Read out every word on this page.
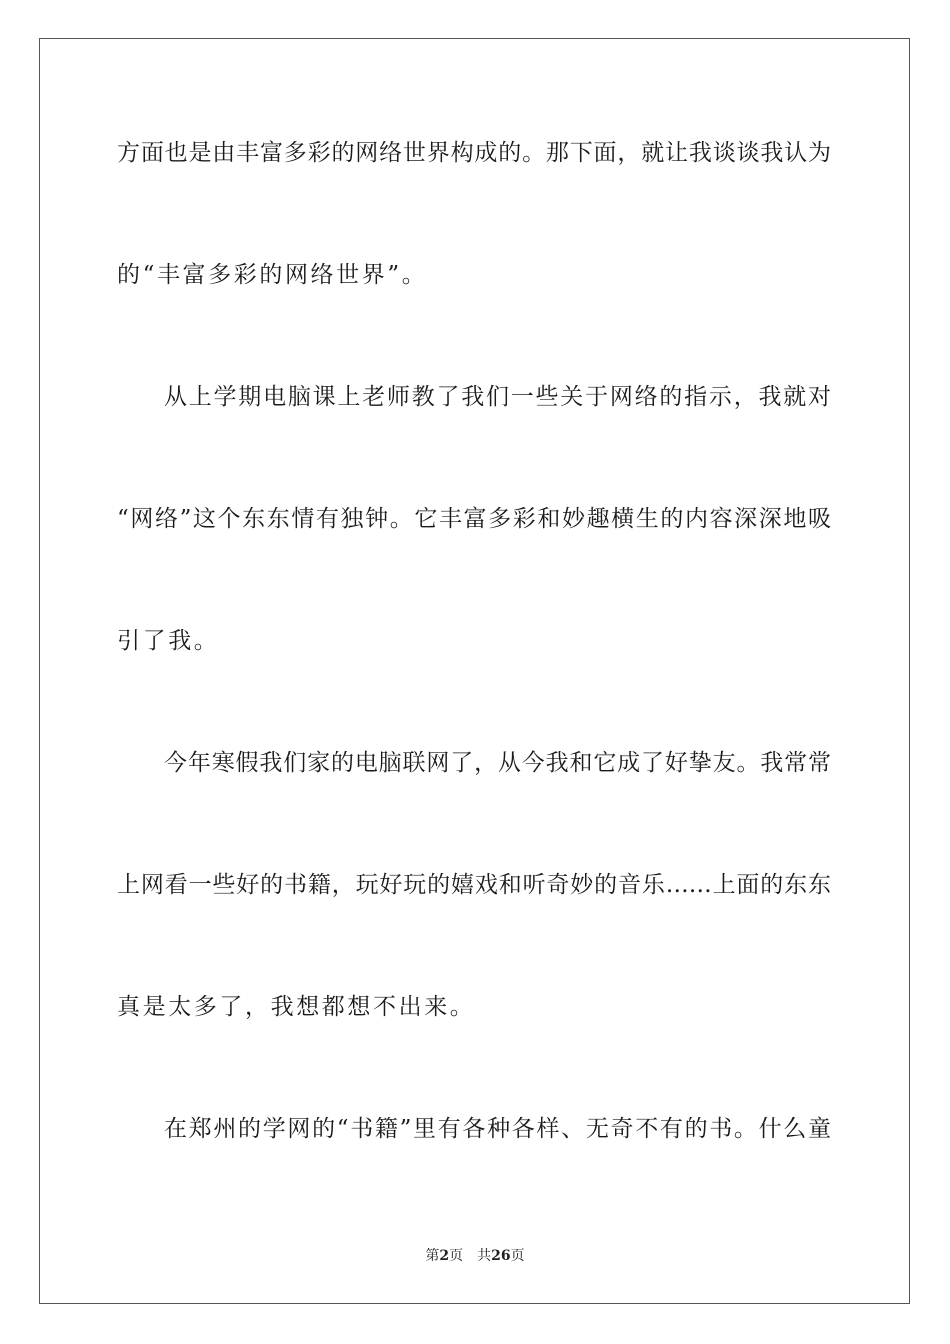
方面也是由丰富多彩的网络世界构成的。那下面，就让我谈谈我认为
的“丰富多彩的网络世界”。
从上学期电脑课上老师教了我们一些关于网络的指示，我就对
“网络”这个东东情有独钟。它丰富多彩和妙趣横生的内容深深地吸
引了我。
今年寒假我们家的电脑联网了，从今我和它成了好挚友。我常常
上网看一些好的书籍，玩好玩的嬉戏和听奇妙的音乐……上面的东东
真是太多了，我想都想不出来。
在郑州的学网的“书籍”里有各种各样、无奇不有的书。什么童
第2页 共26页
